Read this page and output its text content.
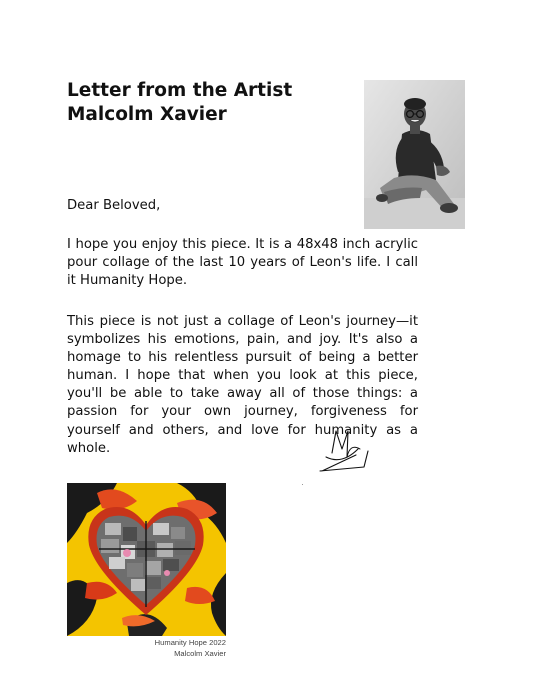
Letter from the Artist
Malcolm Xavier
Dear Beloved,
I hope you enjoy this piece. It is a 48x48 inch acrylic pour collage of the last 10 years of Leon's life. I call it Humanity Hope.
This piece is not just a collage of Leon's journey—it symbolizes his emotions, pain, and joy. It's also a homage to his relentless pursuit of being a better human. I hope that when you look at this piece, you'll be able to take away all of those things: a passion for your own journey, forgiveness for yourself and others, and love for humanity as a whole.
Humanity Hope 2022
Malcolm Xavier
